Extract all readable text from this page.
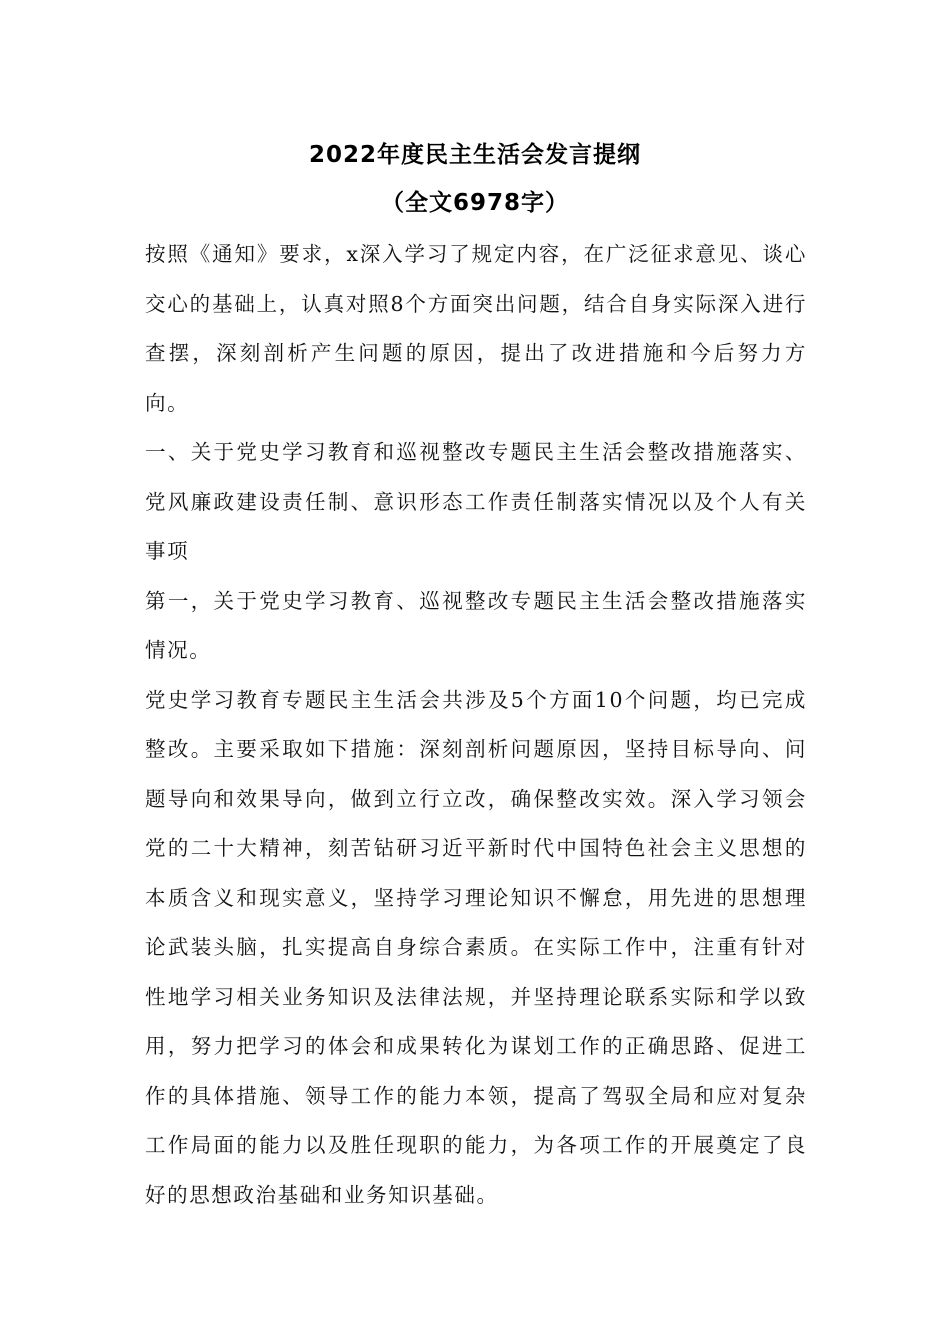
2022年度民主生活会发言提纲
（全文6978字）

按照《通知》要求，x深入学习了规定内容，在广泛征求意见、谈心交心的基础上，认真对照8个方面突出问题，结合自身实际深入进行查摆，深刻剖析产生问题的原因，提出了改进措施和今后努力方向。

一、关于党史学习教育和巡视整改专题民主生活会整改措施落实、党风廉政建设责任制、意识形态工作责任制落实情况以及个人有关事项

第一，关于党史学习教育、巡视整改专题民主生活会整改措施落实情况。

党史学习教育专题民主生活会共涉及5个方面10个问题，均已完成整改。主要采取如下措施：深刻剖析问题原因，坚持目标导向、问题导向和效果导向，做到立行立改，确保整改实效。深入学习领会党的二十大精神，刻苦钻研习近平新时代中国特色社会主义思想的本质含义和现实意义，坚持学习理论知识不懈怠，用先进的思想理论武装头脑，扎实提高自身综合素质。在实际工作中，注重有针对性地学习相关业务知识及法律法规，并坚持理论联系实际和学以致用，努力把学习的体会和成果转化为谋划工作的正确思路、促进工作的具体措施、领导工作的能力本领，提高了驾驭全局和应对复杂工作局面的能力以及胜任现职的能力，为各项工作的开展奠定了良好的思想政治基础和业务知识基础。
